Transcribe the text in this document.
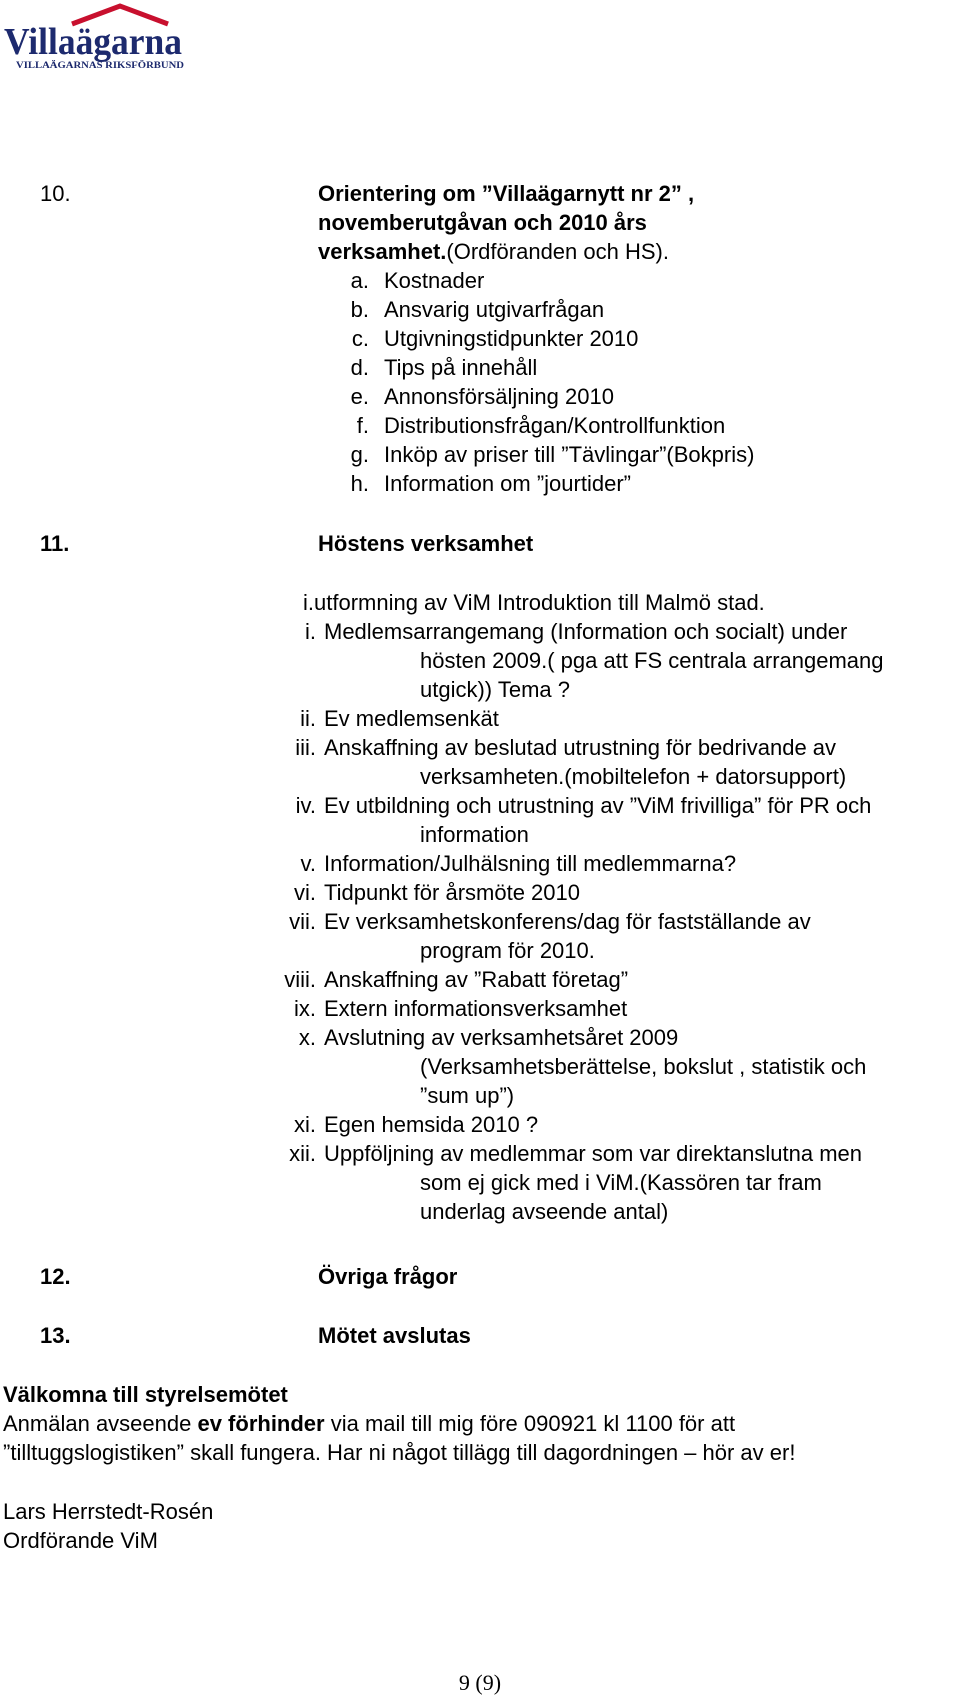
Villaägarna
VILLAÄGARNAS RIKSFÖRBUND
10.	Orientering om ”Villaägarnytt nr 2” ,
novemberutgåvan och 2010 års
verksamhet.(Ordföranden och HS).
a. Kostnader
b. Ansvarig utgivarfrågan
c. Utgivningstidpunkter 2010
d. Tips på innehåll
e. Annonsförsäljning 2010
f. Distributionsfrågan/Kontrollfunktion
g. Inköp av priser till ”Tävlingar”(Bokpris)
h. Information om ”jourtider”
11.	Höstens verksamhet
i.utformning av ViM Introduktion till Malmö stad.
i. Medlemsarrangemang (Information och socialt) under
hösten 2009.( pga att FS centrala arrangemang
utgick)) Tema ?
ii. Ev medlemsenkät
iii. Anskaffning av beslutad utrustning för bedrivande av
verksamheten.(mobiltelefon + datorsupport)
iv. Ev utbildning och utrustning av ”ViM frivilliga” för PR och
information
v. Information/Julhälsning till medlemmarna?
vi. Tidpunkt för årsmöte 2010
vii. Ev verksamhetskonferens/dag för fastställande av
program för 2010.
viii. Anskaffning av ”Rabatt företag”
ix. Extern informationsverksamhet
x. Avslutning av verksamhetsåret 2009
(Verksamhetsberättelse, bokslut , statistik och
”sum up”)
xi. Egen hemsida 2010 ?
xii. Uppföljning av medlemmar som var direktanslutna men
som ej gick med i ViM.(Kassören tar fram
underlag avseende antal)
12.	Övriga frågor
13.	Mötet avslutas
Välkomna till styrelsemötet
Anmälan avseende ev förhinder via mail till mig före 090921 kl 1100 för att
”tilltuggslogistiken” skall fungera. Har ni något tillägg till dagordningen – hör av er!
Lars Herrstedt-Rosén
Ordförande ViM
9 (9)
